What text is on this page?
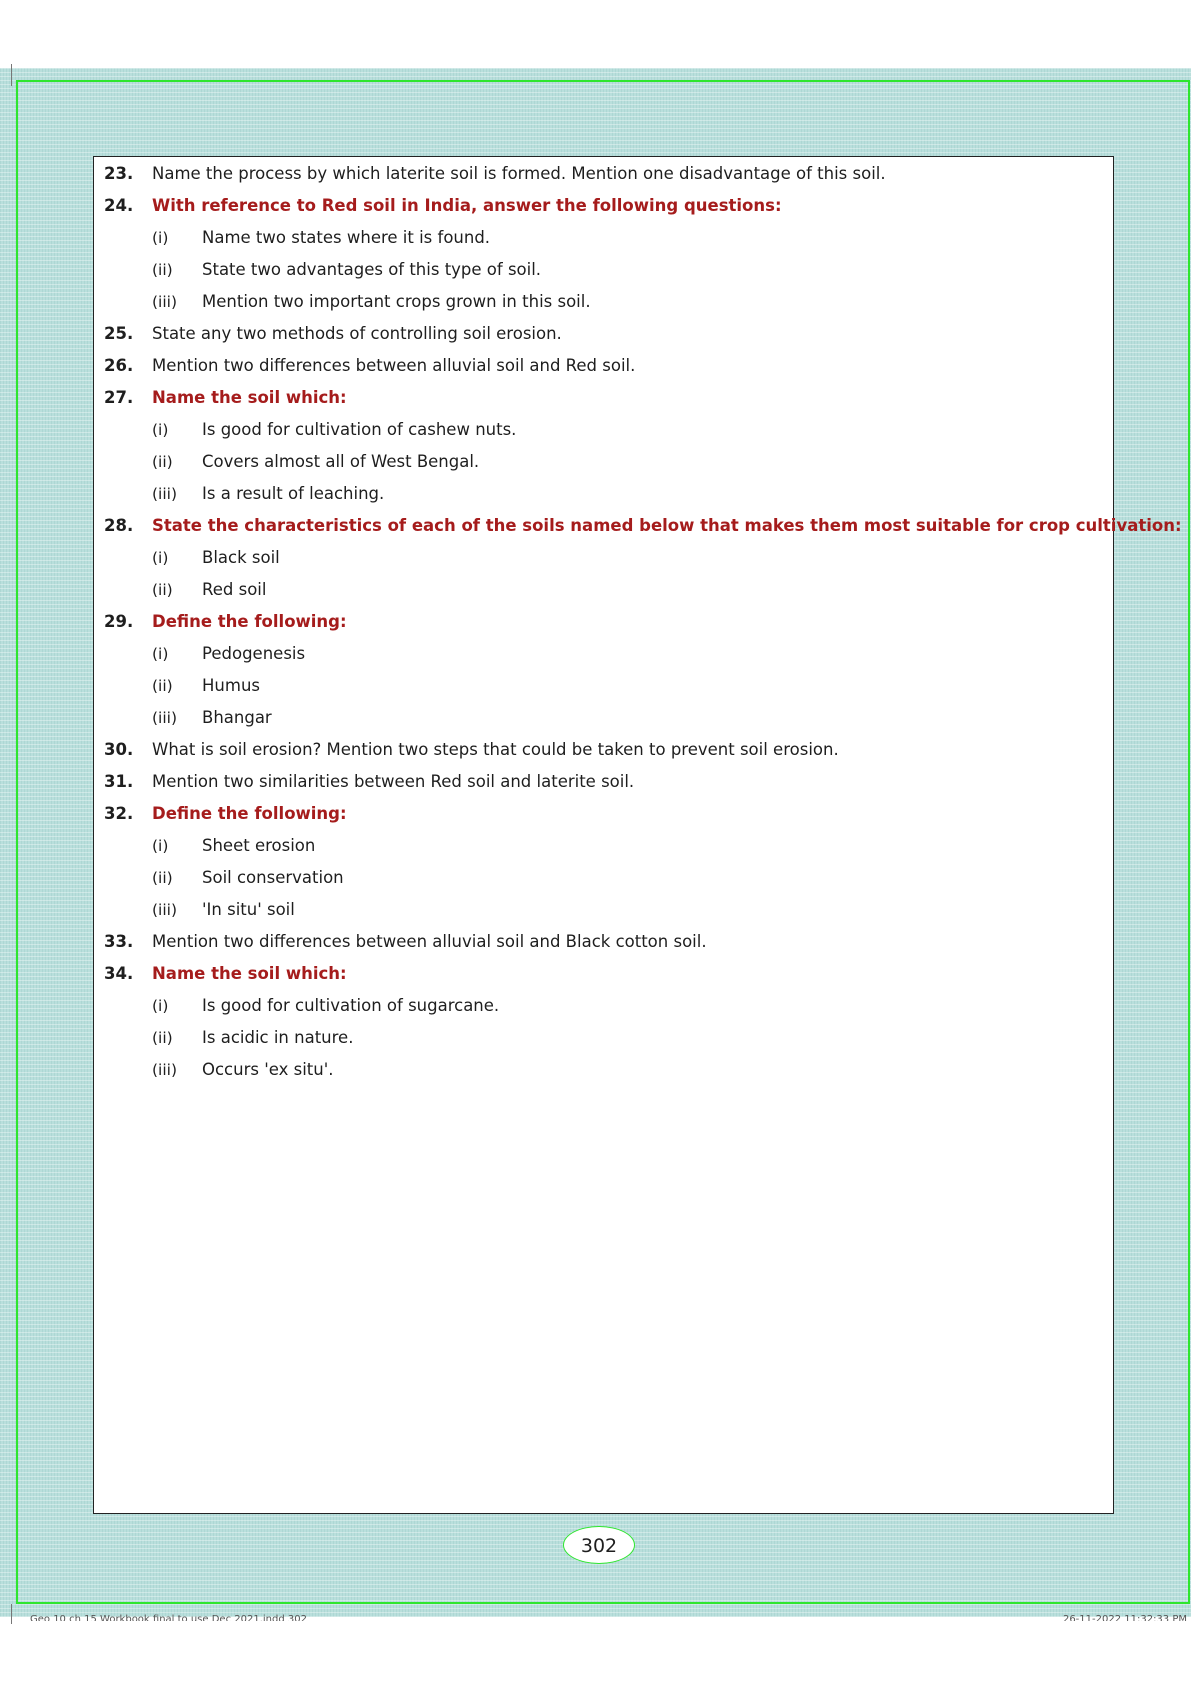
23. Name the process by which laterite soil is formed. Mention one disadvantage of this soil.
24. With reference to Red soil in India, answer the following questions:
(i) Name two states where it is found.
(ii) State two advantages of this type of soil.
(iii) Mention two important crops grown in this soil.
25. State any two methods of controlling soil erosion.
26. Mention two differences between alluvial soil and Red soil.
27. Name the soil which:
(i) Is good for cultivation of cashew nuts.
(ii) Covers almost all of West Bengal.
(iii) Is a result of leaching.
28. State the characteristics of each of the soils named below that makes them most suitable for crop cultivation:
(i) Black soil
(ii) Red soil
29. Define the following:
(i) Pedogenesis
(ii) Humus
(iii) Bhangar
30. What is soil erosion? Mention two steps that could be taken to prevent soil erosion.
31. Mention two similarities between Red soil and laterite soil.
32. Define the following:
(i) Sheet erosion
(ii) Soil conservation
(iii) 'In situ' soil
33. Mention two differences between alluvial soil and Black cotton soil.
34. Name the soil which:
(i) Is good for cultivation of sugarcane.
(ii) Is acidic in nature.
(iii) Occurs 'ex situ'.
302
Geo 10 ch 15 Workbook final to use Dec 2021.indd 302	26-11-2022 11:32:33 PM
